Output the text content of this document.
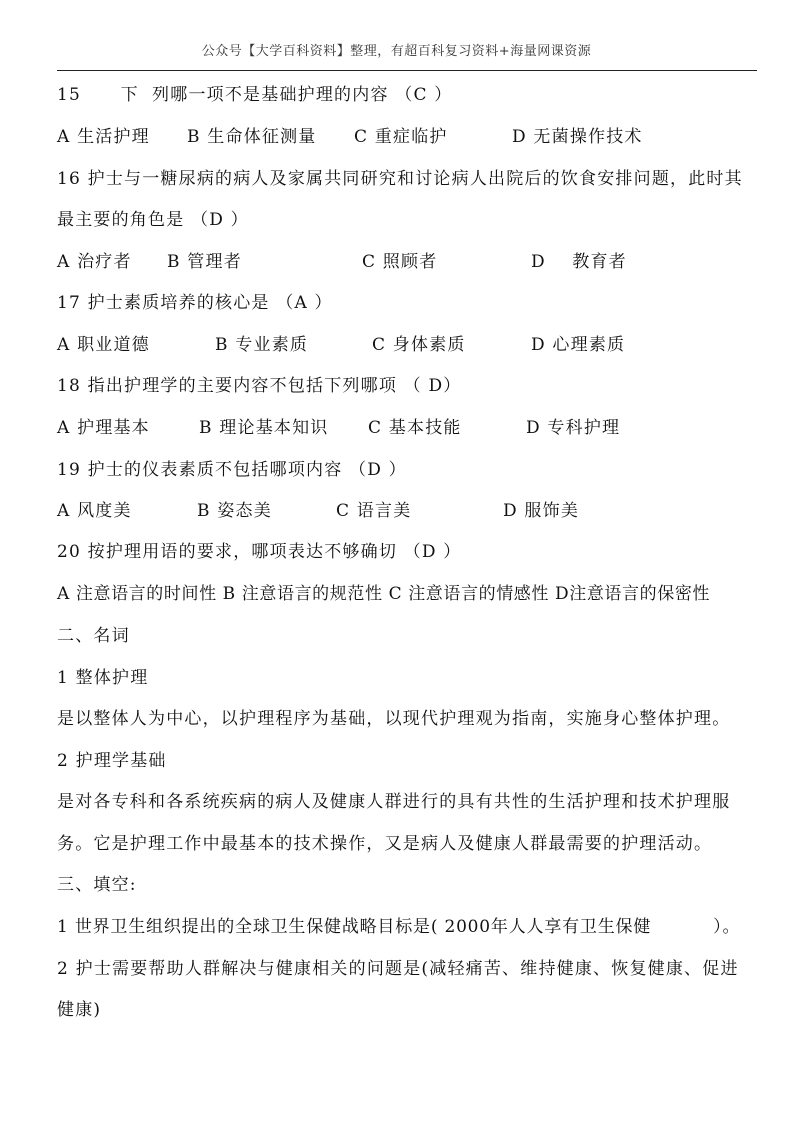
公众号【大学百科资料】整理，有超百科复习资料+海量网课资源
15      下  列哪一项不是基础护理的内容 （C ）
A 生活护理 B 生命体征测量 C 重症临护	D 无菌操作技术
16 护士与一糖尿病的病人及家属共同研究和讨论病人出院后的饮食安排问题，此时其
最主要的角色是 （D ）
A 治疗者 B 管理者	C 照顾者	D    教育者
17 护士素质培养的核心是 （A ）
A 职业道德	B 专业素质	C 身体素质	D 心理素质
18 指出护理学的主要内容不包括下列哪项 （ D）
A 护理基本	B 理论基本知识 C 基本技能	D 专科护理
19 护士的仪表素质不包括哪项内容 （D ）
A 风度美	B 姿态美	C 语言美	D 服饰美
20 按护理用语的要求，哪项表达不够确切 （D ）
A 注意语言的时间性 B 注意语言的规范性 C 注意语言的情感性 D注意语言的保密性
二、名词
1 整体护理
是以整体人为中心，以护理程序为基础，以现代护理观为指南，实施身心整体护理。
2 护理学基础
是对各专科和各系统疾病的病人及健康人群进行的具有共性的生活护理和技术护理服
务。它是护理工作中最基本的技术操作，又是病人及健康人群最需要的护理活动。
三、填空:
1 世界卫生组织提出的全球卫生保健战略目标是( 2000年人人享有卫生保健          ）。
2 护士需要帮助人群解决与健康相关的问题是(减轻痛苦、维持健康、恢复健康、促进
健康)
